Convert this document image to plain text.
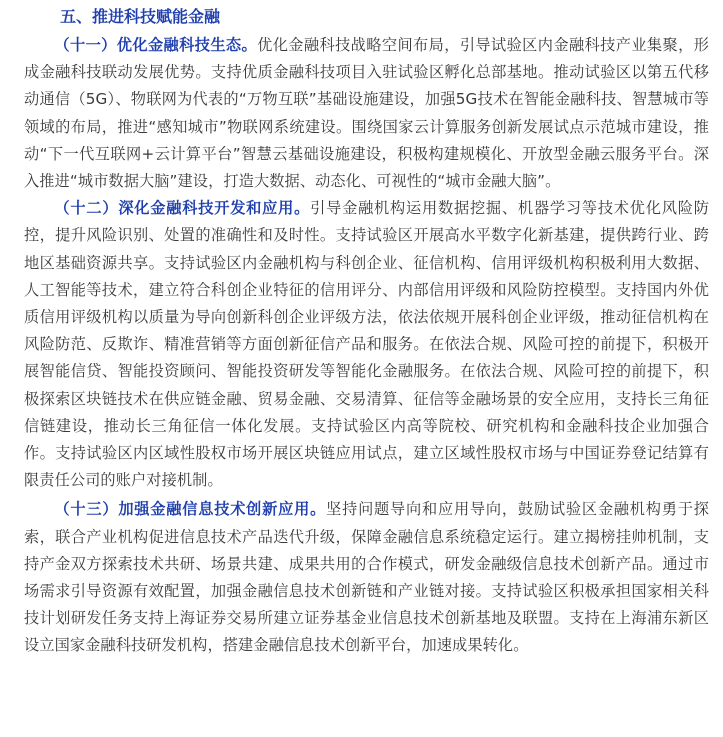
五、推进科技赋能金融

（十一）优化金融科技生态。优化金融科技战略空间布局，引导试验区内金融科技产业集聚，形成金融科技联动发展优势。支持优质金融科技项目入驻试验区孵化总部基地。推动试验区以第五代移动通信（5G）、物联网为代表的“万物互联”基础设施建设，加强5G技术在智能金融科技、智慧城市等领域的布局，推进“感知城市”物联网系统建设。围绕国家云计算服务创新发展试点示范城市建设，推动“下一代互联网+云计算平台”智慧云基础设施建设，积极构建规模化、开放型金融云服务平台。深入推进“城市数据大脑”建设，打造大数据、动态化、可视性的“城市金融大脑”。

（十二）深化金融科技开发和应用。引导金融机构运用数据挖掘、机器学习等技术优化风险防控，提升风险识别、处置的准确性和及时性。支持试验区开展高水平数字化新基建，提供跨行业、跨地区基础资源共享。支持试验区内金融机构与科创企业、征信机构、信用评级机构积极利用大数据、人工智能等技术，建立符合科创企业特征的信用评分、内部信用评级和风险防控模型。支持国内外优质信用评级机构以质量为导向创新科创企业评级方法，依法依规开展科创企业评级，推动征信机构在风险防范、反欺诈、精准营销等方面创新征信产品和服务。在依法合规、风险可控的前提下，积极开展智能信贷、智能投资顾问、智能投资研发等智能化金融服务。在依法合规、风险可控的前提下，积极探索区块链技术在供应链金融、贸易金融、交易清算、征信等金融场景的安全应用，支持长三角征信链建设，推动长三角征信一体化发展。支持试验区内高等院校、研究机构和金融科技企业加强合作。支持试验区内区域性股权市场开展区块链应用试点，建立区域性股权市场与中国证券登记结算有限责任公司的账户对接机制。

（十三）加强金融信息技术创新应用。坚持问题导向和应用导向，鼓励试验区金融机构勇于探索，联合产业机构促进信息技术产品迭代升级，保障金融信息系统稳定运行。建立揭榜挂帅机制，支持产金双方探索技术共研、场景共建、成果共用的合作模式，研发金融级信息技术创新产品。通过市场需求引导资源有效配置，加强金融信息技术创新链和产业链对接。支持试验区积极承担国家相关科技计划研发任务支持上海证券交易所建立证券基金业信息技术创新基地及联盟。支持在上海浦东新区设立国家金融科技研发机构，搭建金融信息技术创新平台，加速成果转化。
